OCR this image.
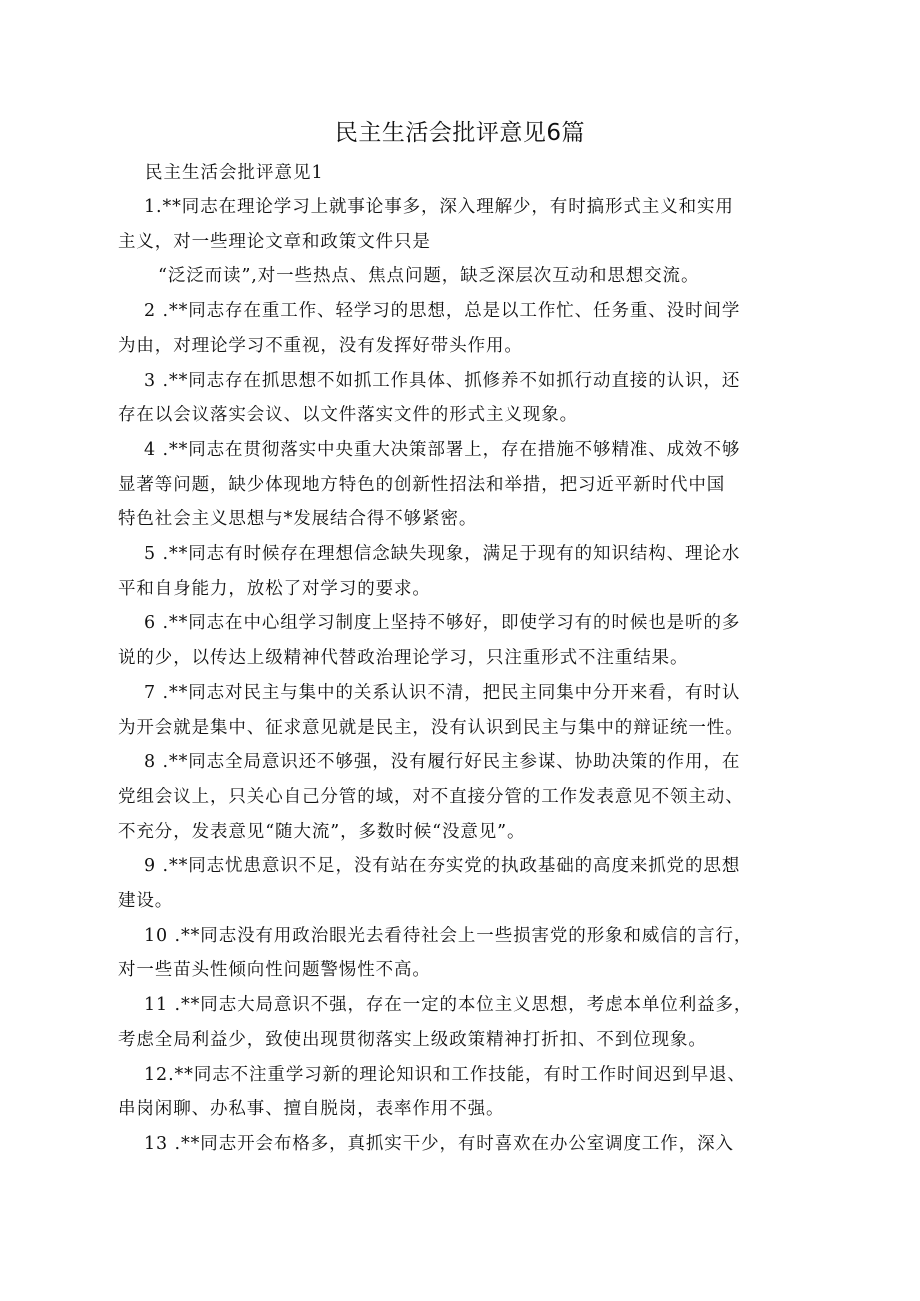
民主生活会批评意见6篇
民主生活会批评意见1
1.**同志在理论学习上就事论事多，深入理解少，有时搞形式主义和实用
主义，对一些理论文章和政策文件只是
“泛泛而读”,对一些热点、焦点问题，缺乏深层次互动和思想交流。
2 .**同志存在重工作、轻学习的思想，总是以工作忙、任务重、没时间学
为由，对理论学习不重视，没有发挥好带头作用。
3 .**同志存在抓思想不如抓工作具体、抓修养不如抓行动直接的认识，还
存在以会议落实会议、以文件落实文件的形式主义现象。
4 .**同志在贯彻落实中央重大决策部署上，存在措施不够精准、成效不够
显著等问题，缺少体现地方特色的创新性招法和举措，把习近平新时代中国
特色社会主义思想与*发展结合得不够紧密。
5 .**同志有时候存在理想信念缺失现象，满足于现有的知识结构、理论水
平和自身能力，放松了对学习的要求。
6 .**同志在中心组学习制度上坚持不够好，即使学习有的时候也是听的多
说的少，以传达上级精神代替政治理论学习，只注重形式不注重结果。
7 .**同志对民主与集中的关系认识不清，把民主同集中分开来看，有时认
为开会就是集中、征求意见就是民主，没有认识到民主与集中的辩证统一性。
8 .**同志全局意识还不够强，没有履行好民主参谋、协助决策的作用，在
党组会议上，只关心自己分管的域，对不直接分管的工作发表意见不领主动、
不充分，发表意见“随大流”，多数时候“没意见”。
9 .**同志忧患意识不足，没有站在夯实党的执政基础的高度来抓党的思想
建设。
10 .**同志没有用政治眼光去看待社会上一些损害党的形象和威信的言行，
对一些苗头性倾向性问题警惕性不高。
11 .**同志大局意识不强，存在一定的本位主义思想，考虑本单位利益多，
考虑全局利益少，致使出现贯彻落实上级政策精神打折扣、不到位现象。
12.**同志不注重学习新的理论知识和工作技能，有时工作时间迟到早退、
串岗闲聊、办私事、擅自脱岗，表率作用不强。
13 .**同志开会布格多，真抓实干少，有时喜欢在办公室调度工作，深入
